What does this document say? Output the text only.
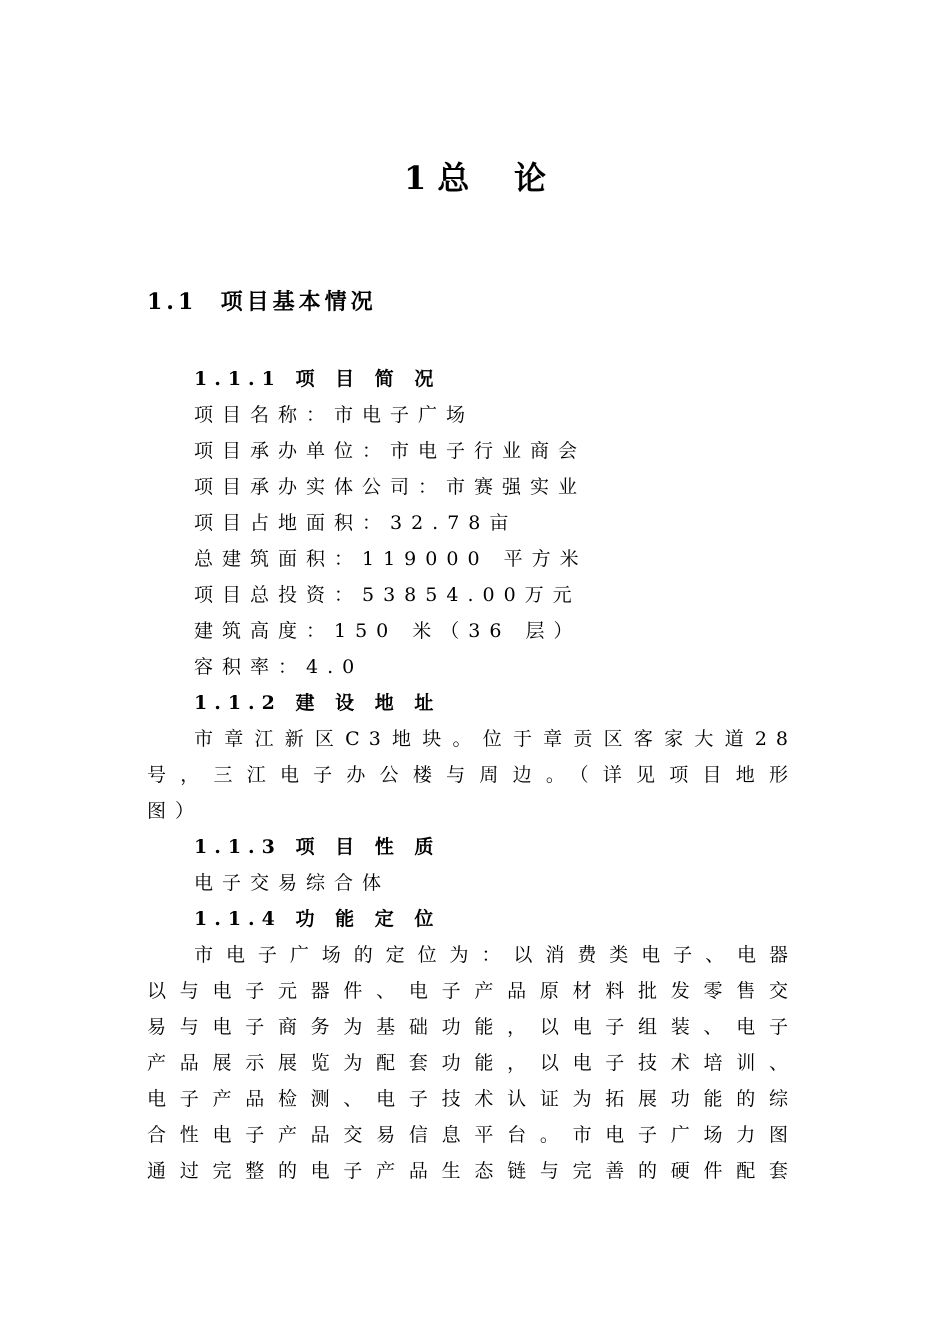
1 总    论
1.1  项目基本情况
1.1.1 项 目 简 况
项目名称：市电子广场
项目承办单位：市电子行业商会
项目承办实体公司：市赛强实业
项目占地面积：32.78亩
总建筑面积：119000 平方米
项目总投资：53854.00万元
建筑高度：150 米（36 层）
容积率：4.0
1.1.2 建 设 地 址
市章江新区C3地块。位于章贡区客家大道28
号，三江电子办公楼与周边。（详见项目地形
图）
1.1.3 项 目 性 质
电子交易综合体
1.1.4 功 能 定 位
市电子广场的定位为：以消费类电子、电器
以与电子元器件、电子产品原材料批发零售交
易与电子商务为基础功能，以电子组装、电子
产品展示展览为配套功能，以电子技术培训、
电子产品检测、电子技术认证为拓展功能的综
合性电子产品交易信息平台。市电子广场力图
通过完整的电子产品生态链与完善的硬件配套
